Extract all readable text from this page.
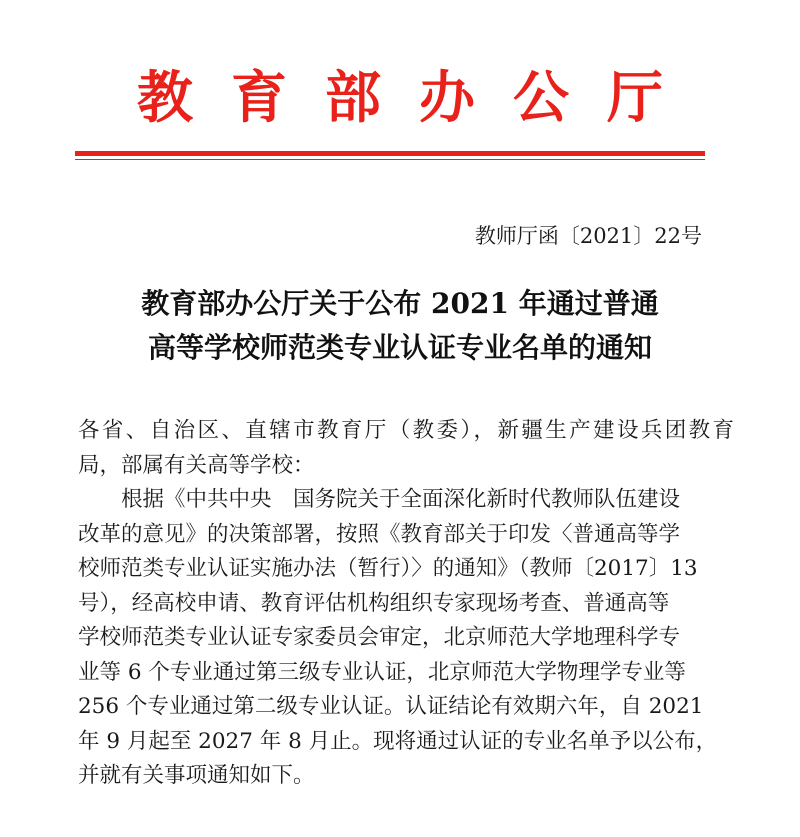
教育部办公厅
教师厅函〔2021〕22号
教育部办公厅关于公布 2021 年通过普通
高等学校师范类专业认证专业名单的通知

各省、自治区、直辖市教育厅（教委），新疆生产建设兵团教育

局，部属有关高等学校：

根据《中共中央　国务院关于全面深化新时代教师队伍建设

改革的意见》的决策部署，按照《教育部关于印发〈普通高等学

校师范类专业认证实施办法（暂行）〉的通知》（教师〔2017〕13

号），经高校申请、教育评估机构组织专家现场考查、普通高等

学校师范类专业认证专家委员会审定，北京师范大学地理科学专

业等 6 个专业通过第三级专业认证，北京师范大学物理学专业等

256 个专业通过第二级专业认证。认证结论有效期六年，自 2021

年 9 月起至 2027 年 8 月止。现将通过认证的专业名单予以公布，

并就有关事项通知如下。
